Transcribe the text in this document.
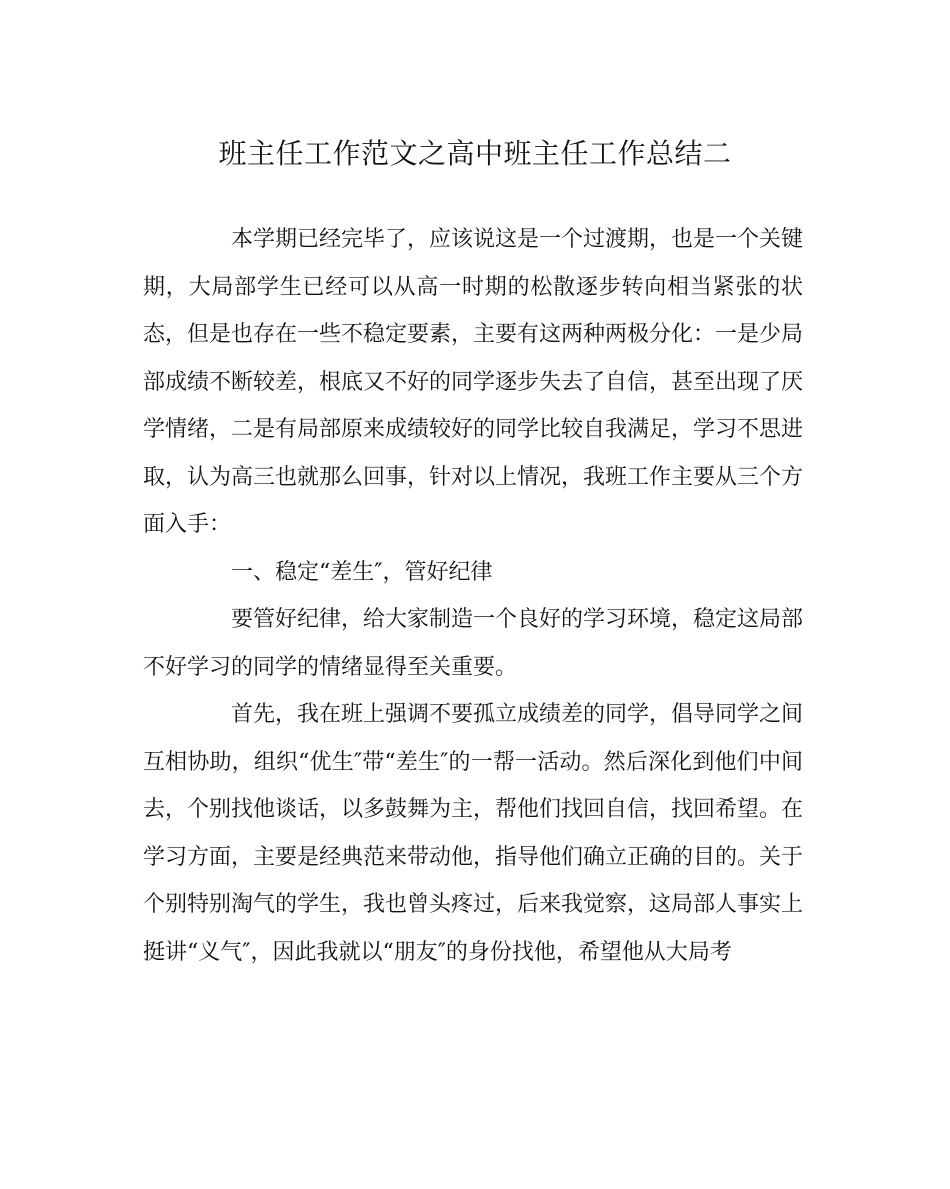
班主任工作范文之高中班主任工作总结二

本学期已经完毕了，应该说这是一个过渡期，也是一个关键期，大局部学生已经可以从高一时期的松散逐步转向相当紧张的状态，但是也存在一些不稳定要素，主要有这两种两极分化：一是少局部成绩不断较差，根底又不好的同学逐步失去了自信，甚至出现了厌学情绪，二是有局部原来成绩较好的同学比较自我满足，学习不思进取，认为高三也就那么回事，针对以上情况，我班工作主要从三个方面入手：

一、稳定“差生″，管好纪律

要管好纪律，给大家制造一个良好的学习环境，稳定这局部不好学习的同学的情绪显得至关重要。

首先，我在班上强调不要孤立成绩差的同学，倡导同学之间互相协助，组织“优生″带“差生″的一帮一活动。然后深化到他们中间去，个别找他谈话，以多鼓舞为主，帮他们找回自信，找回希望。在学习方面，主要是经典范来带动他，指导他们确立正确的目的。关于个别特别淘气的学生，我也曾头疼过，后来我觉察，这局部人事实上挺讲“义气″，因此我就以“朋友″的身份找他，希望他从大局考
